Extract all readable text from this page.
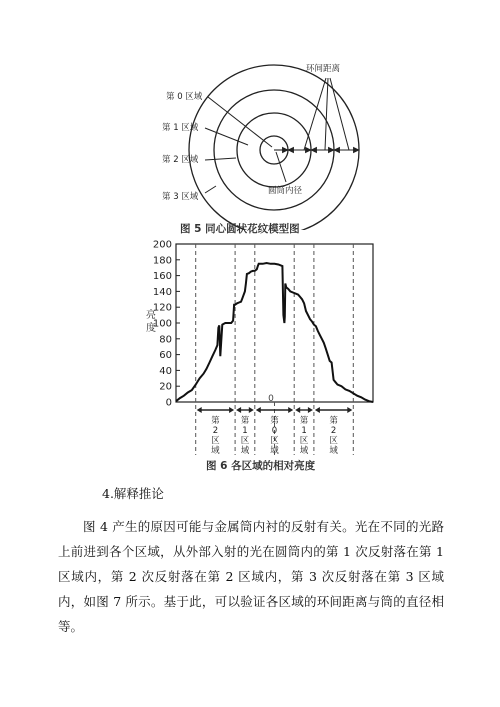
第 0 区域
第 1 区域
第 2 区域
第 3 区域
环间距离
圆筒内径
图 5 同心圆状花纹模型图
0
20
40
60
80
100
120
140
160
180
200
0
亮
度
第
2
区
域
第
1
区
域
第
0
区
域
第
1
区
域
第
2
区
域
图 6 各区域的相对亮度
4.解释推论
图 4 产生的原因可能与金属筒内衬的反射有关。光在不同的光路上前进到各个区域，从外部入射的光在圆筒内的第 1 次反射落在第 1 区域内，第 2 次反射落在第 2 区域内，第 3 次反射落在第 3 区域内，如图 7 所示。基于此，可以验证各区域的环间距离与筒的直径相等。
